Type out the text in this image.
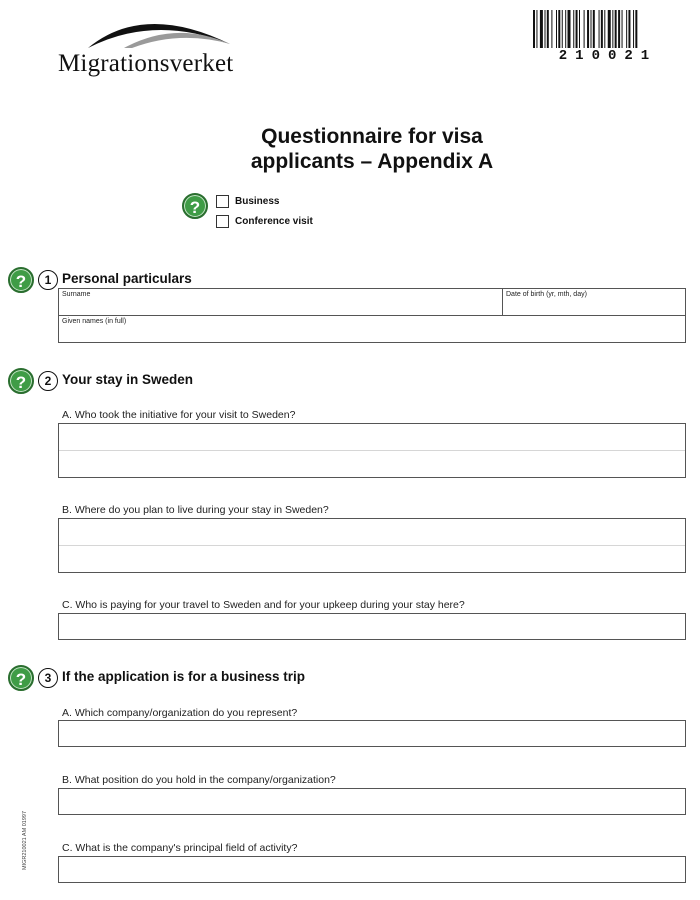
Migrationsverket	210021
Questionnaire for visa
applicants – Appendix A
?	Business
Conference visit
?	1 Personal particulars
Surname	Date of birth (yr, mth, day)
Given names (in full)
?	2 Your stay in Sweden
A. Who took the initiative for your visit to Sweden?
B. Where do you plan to live during your stay in Sweden?
C. Who is paying for your travel to Sweden and for your upkeep during your stay here?
?	3 If the application is for a business trip
A. Which company/organization do you represent?
B. What position do you hold in the company/organization?
C. What is the company's principal field of activity?
MIGR210021 AM 01997
